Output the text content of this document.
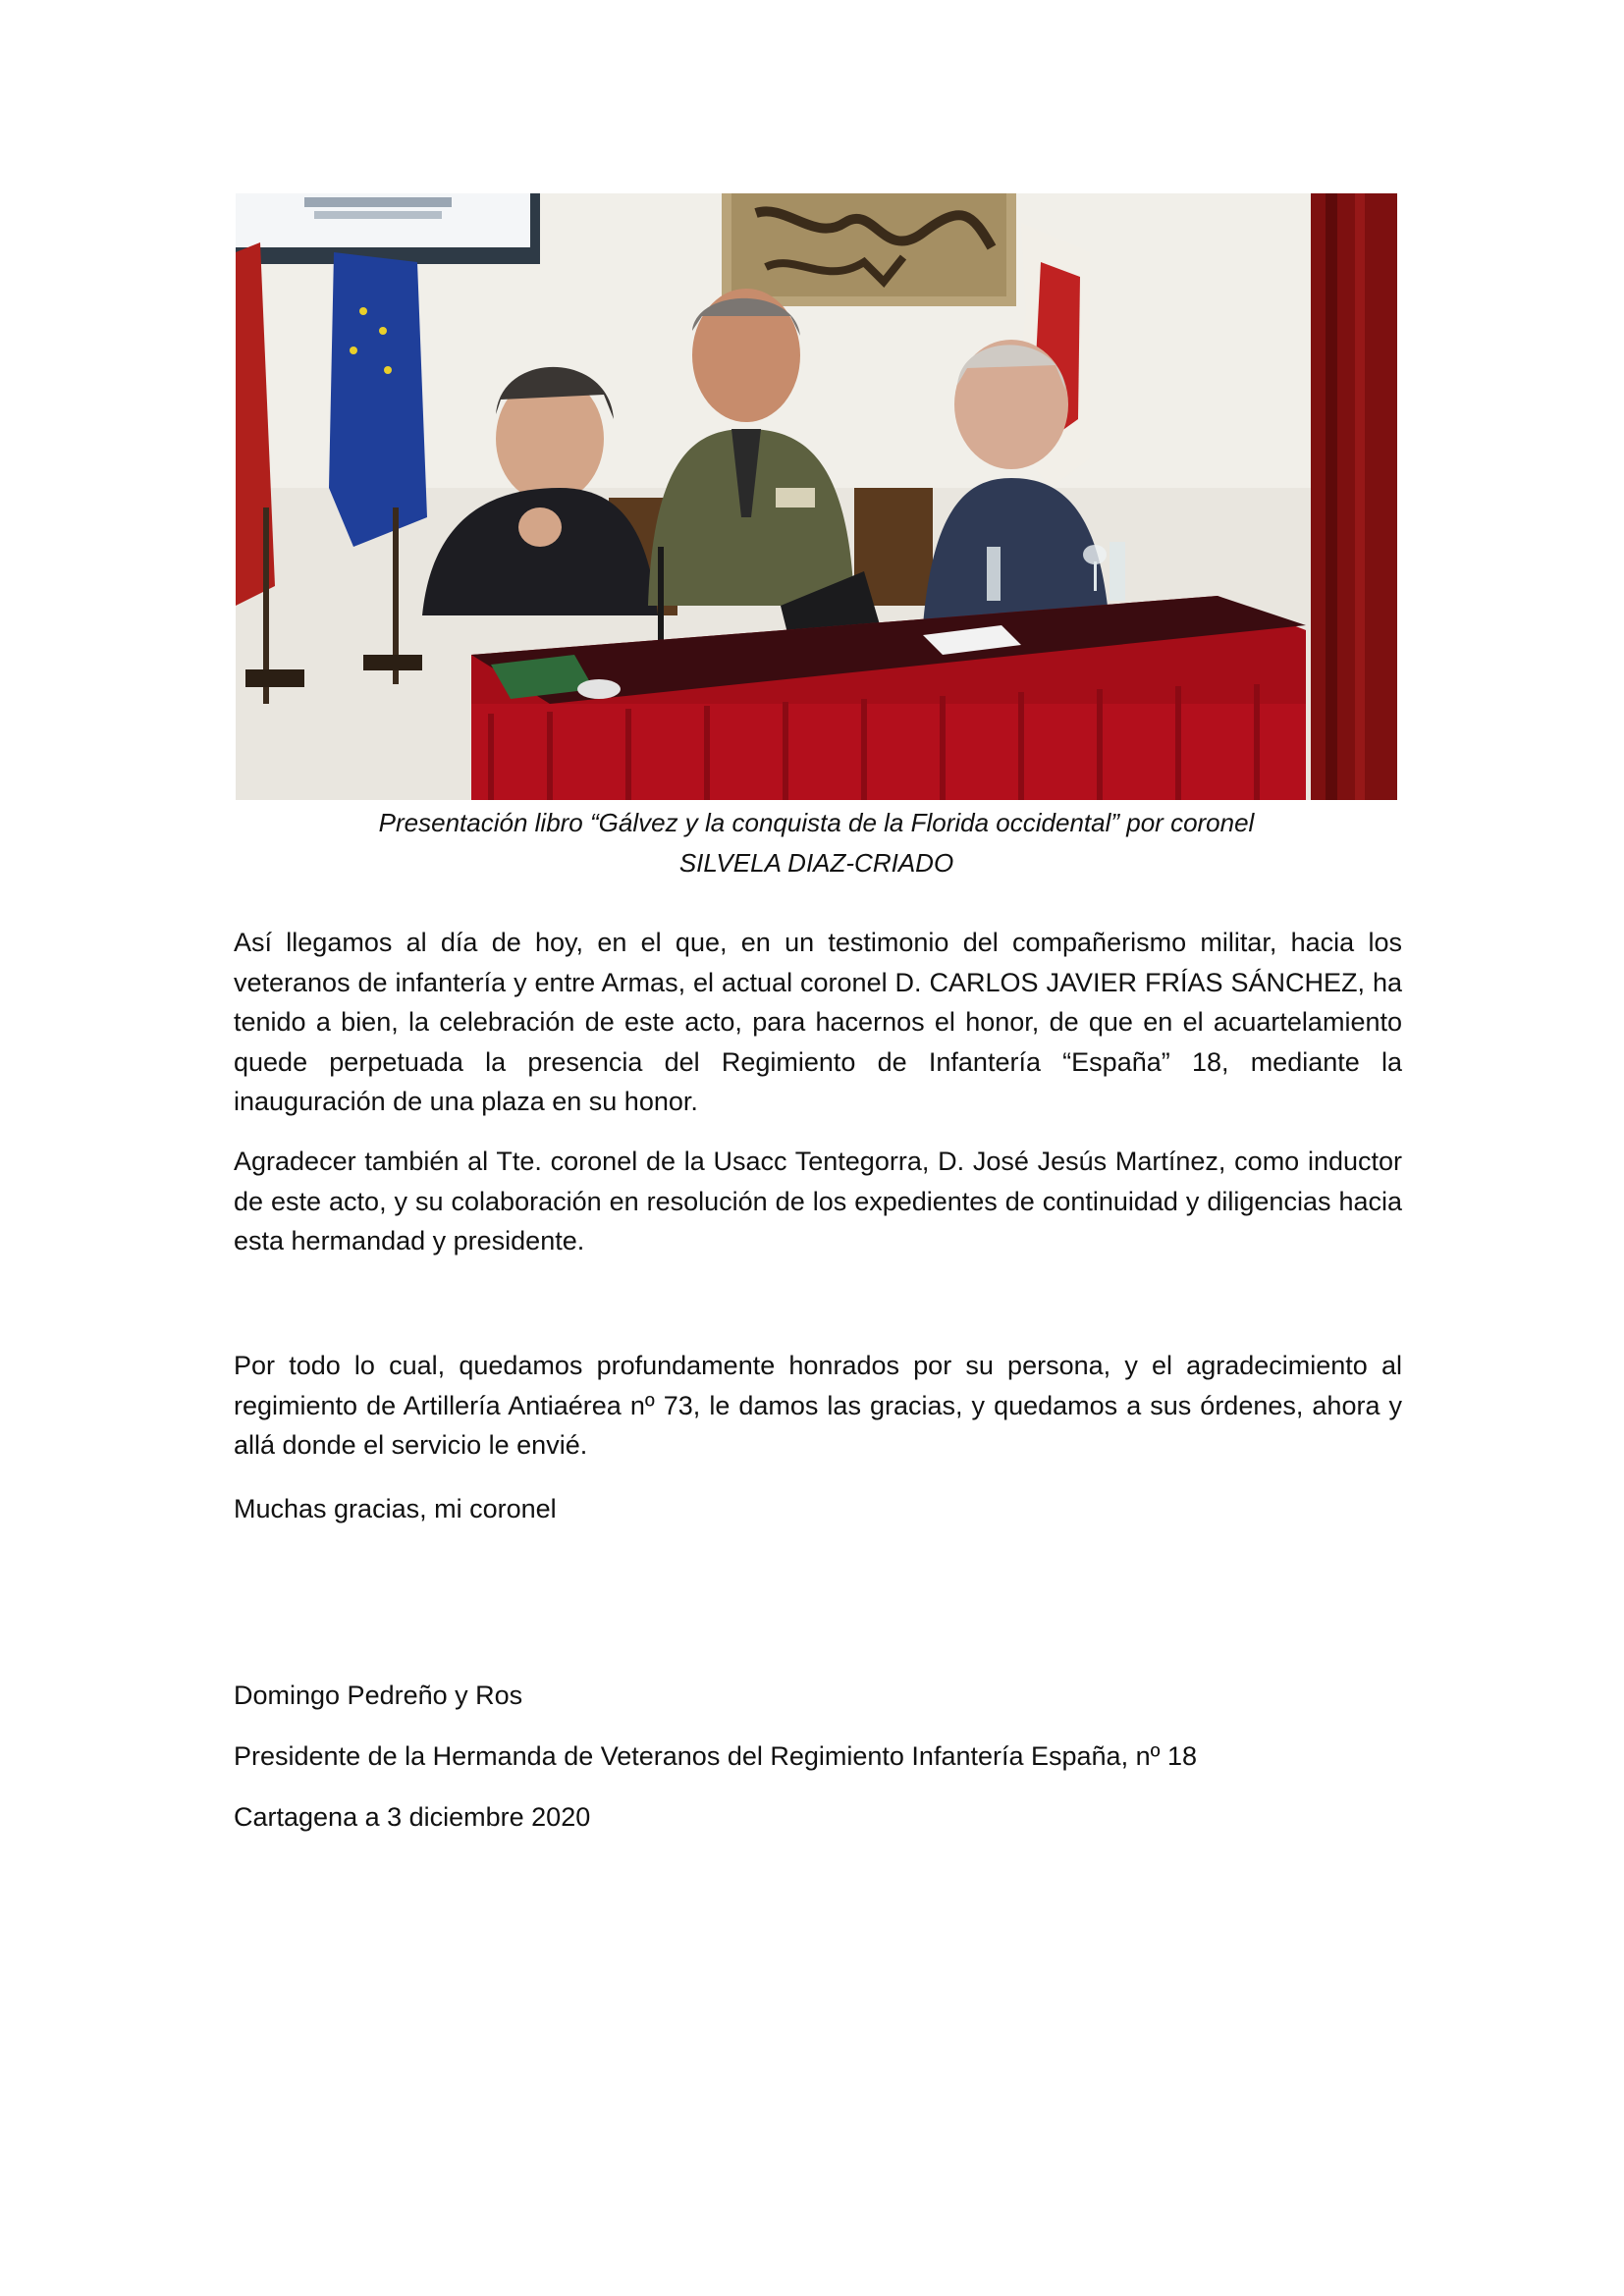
Presentación libro “Gálvez y la conquista de la Florida occidental” por coronel
SILVELA DIAZ-CRIADO

Así llegamos al día de hoy, en el que, en un testimonio del compañerismo militar, hacia los veteranos de infantería y entre Armas, el actual coronel D. CARLOS JAVIER FRÍAS SÁNCHEZ, ha tenido a bien, la celebración de este acto, para hacernos el honor, de que en el acuartelamiento quede perpetuada la presencia del Regimiento de Infantería “España” 18, mediante la inauguración de una plaza en su honor.

Agradecer también al Tte. coronel de la Usacc Tentegorra, D. José Jesús Martínez, como inductor de este acto, y su colaboración en resolución de los expedientes de continuidad y diligencias hacia esta hermandad y presidente.

Por todo lo cual, quedamos profundamente honrados por su persona, y el agradecimiento al regimiento de Artillería Antiaérea nº 73, le damos las gracias, y quedamos a sus órdenes, ahora y allá donde el servicio le envié.

Muchas gracias, mi coronel

Domingo Pedreño y Ros

Presidente de la Hermanda de Veteranos del Regimiento Infantería España, nº 18

Cartagena a 3 diciembre 2020
